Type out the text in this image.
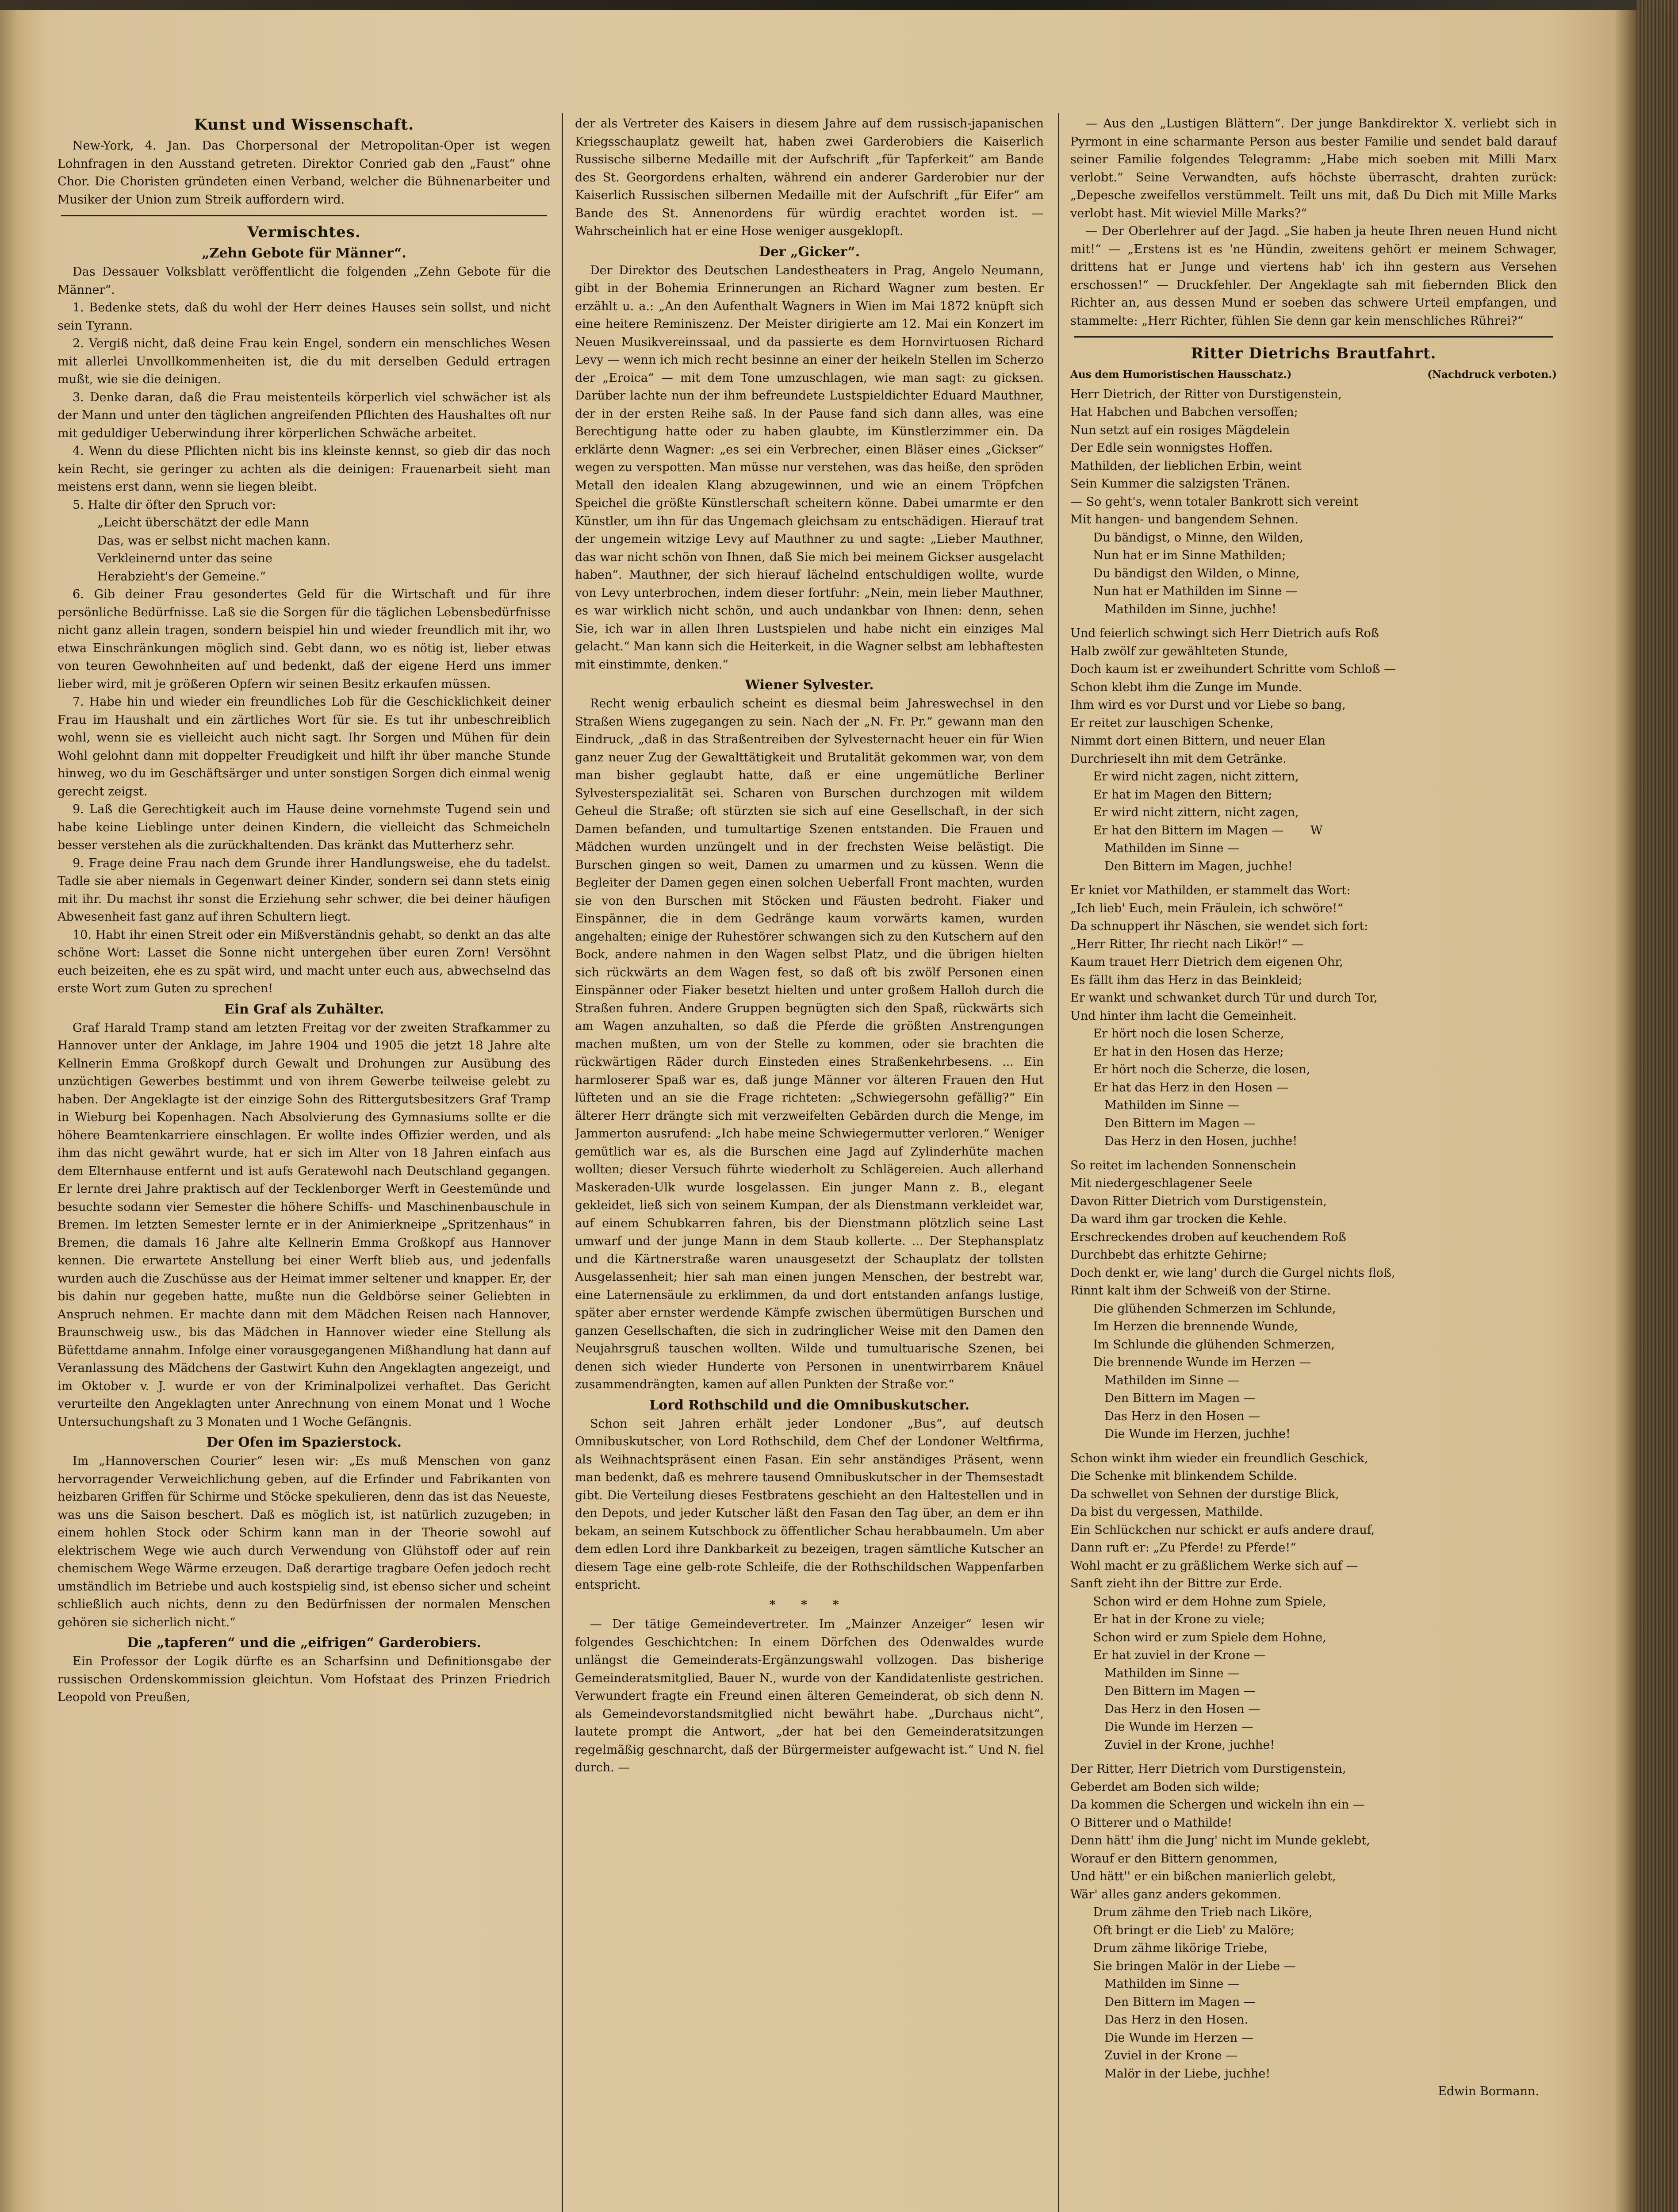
Kunst und Wissenschaft.

New-York, 4. Jan. Das Chorpersonal der Metropolitan-Oper ist wegen Lohnfragen in den Ausstand getreten. Direktor Conried gab den „Faust“ ohne Chor. Die Choristen gründeten einen Verband, welcher die Bühnenarbeiter und Musiker der Union zum Streik auffordern wird.

Vermischtes.
„Zehn Gebote für Männer“.

Das Dessauer Volksblatt veröffentlicht die folgenden „Zehn Gebote für die Männer“.

1. Bedenke stets, daß du wohl der Herr deines Hauses sein sollst, und nicht sein Tyrann.

2. Vergiß nicht, daß deine Frau kein Engel, sondern ein menschliches Wesen mit allerlei Unvollkommenheiten ist, die du mit derselben Geduld ertragen mußt, wie sie die deinigen.

3. Denke daran, daß die Frau meistenteils körperlich viel schwächer ist als der Mann und unter den täglichen angreifenden Pflichten des Haushaltes oft nur mit geduldiger Ueberwindung ihrer körperlichen Schwäche arbeitet.

4. Wenn du diese Pflichten nicht bis ins kleinste kennst, so gieb dir das noch kein Recht, sie geringer zu achten als die deinigen: Frauenarbeit sieht man meistens erst dann, wenn sie liegen bleibt.

5. Halte dir öfter den Spruch vor:

„Leicht überschätzt der edle Mann
Das, was er selbst nicht machen kann.
Verkleinernd unter das seine
Herabzieht's der Gemeine.“

6. Gib deiner Frau gesondertes Geld für die Wirtschaft und für ihre persönliche Bedürfnisse. Laß sie die Sorgen für die täglichen Lebensbedürfnisse nicht ganz allein tragen, sondern beispiel hin und wieder freundlich mit ihr, wo etwa Einschränkungen möglich sind. Gebt dann, wo es nötig ist, lieber etwas von teuren Gewohnheiten auf und bedenkt, daß der eigene Herd uns immer lieber wird, mit je größeren Opfern wir seinen Besitz erkaufen müssen.

7. Habe hin und wieder ein freundliches Lob für die Geschicklichkeit deiner Frau im Haushalt und ein zärtliches Wort für sie. Es tut ihr unbeschreiblich wohl, wenn sie es vielleicht auch nicht sagt. Ihr Sorgen und Mühen für dein Wohl gelohnt dann mit doppelter Freudigkeit und hilft ihr über manche Stunde hinweg, wo du im Geschäftsärger und unter sonstigen Sorgen dich einmal wenig gerecht zeigst.

9. Laß die Gerechtigkeit auch im Hause deine vornehmste Tugend sein und habe keine Lieblinge unter deinen Kindern, die vielleicht das Schmeicheln besser verstehen als die zurückhaltenden. Das kränkt das Mutterherz sehr.

9. Frage deine Frau nach dem Grunde ihrer Handlungsweise, ehe du tadelst. Tadle sie aber niemals in Gegenwart deiner Kinder, sondern sei dann stets einig mit ihr. Du machst ihr sonst die Erziehung sehr schwer, die bei deiner häufigen Abwesenheit fast ganz auf ihren Schultern liegt.

10. Habt ihr einen Streit oder ein Mißverständnis gehabt, so denkt an das alte schöne Wort: Lasset die Sonne nicht untergehen über euren Zorn! Versöhnt euch beizeiten, ehe es zu spät wird, und macht unter euch aus, abwechselnd das erste Wort zum Guten zu sprechen!

Ein Graf als Zuhälter.

Graf Harald Tramp stand am letzten Freitag vor der zweiten Strafkammer zu Hannover unter der Anklage, im Jahre 1904 und 1905 die jetzt 18 Jahre alte Kellnerin Emma Großkopf durch Gewalt und Drohungen zur Ausübung des unzüchtigen Gewerbes bestimmt und von ihrem Gewerbe teilweise gelebt zu haben. Der Angeklagte ist der einzige Sohn des Rittergutsbesitzers Graf Tramp in Wieburg bei Kopenhagen. Nach Absolvierung des Gymnasiums sollte er die höhere Beamtenkarriere einschlagen. Er wollte indes Offizier werden, und als ihm das nicht gewährt wurde, hat er sich im Alter von 18 Jahren einfach aus dem Elternhause entfernt und ist aufs Geratewohl nach Deutschland gegangen. Er lernte drei Jahre praktisch auf der Tecklenborger Werft in Geestemünde und besuchte sodann vier Semester die höhere Schiffs- und Maschinenbauschule in Bremen. Im letzten Semester lernte er in der Animierkneipe „Spritzenhaus“ in Bremen, die damals 16 Jahre alte Kellnerin Emma Großkopf aus Hannover kennen. Die erwartete Anstellung bei einer Werft blieb aus, und jedenfalls wurden auch die Zuschüsse aus der Heimat immer seltener und knapper. Er, der bis dahin nur gegeben hatte, mußte nun die Geldbörse seiner Geliebten in Anspruch nehmen. Er machte dann mit dem Mädchen Reisen nach Hannover, Braunschweig usw., bis das Mädchen in Hannover wieder eine Stellung als Büfettdame annahm. Infolge einer vorausgegangenen Mißhandlung hat dann auf Veranlassung des Mädchens der Gastwirt Kuhn den Angeklagten angezeigt, und im Oktober v. J. wurde er von der Kriminalpolizei verhaftet. Das Gericht verurteilte den Angeklagten unter Anrechnung von einem Monat und 1 Woche Untersuchungshaft zu 3 Monaten und 1 Woche Gefängnis.

Der Ofen im Spazierstock.

Im „Hannoverschen Courier“ lesen wir: „Es muß Menschen von ganz hervorragender Verweichlichung geben, auf die Erfinder und Fabrikanten von heizbaren Griffen für Schirme und Stöcke spekulieren, denn das ist das Neueste, was uns die Saison beschert. Daß es möglich ist, ist natürlich zuzugeben; in einem hohlen Stock oder Schirm kann man in der Theorie sowohl auf elektrischem Wege wie auch durch Verwendung von Glühstoff oder auf rein chemischem Wege Wärme erzeugen. Daß derartige tragbare Oefen jedoch recht umständlich im Betriebe und auch kostspielig sind, ist ebenso sicher und scheint schließlich auch nichts, denn zu den Bedürfnissen der normalen Menschen gehören sie sicherlich nicht.“

Die „tapferen“ und die „eifrigen“ Garderobiers.

Ein Professor der Logik dürfte es an Scharfsinn und Definitionsgabe der russischen Ordenskommission gleichtun. Vom Hofstaat des Prinzen Friedrich Leopold von Preußen,

der als Vertreter des Kaisers in diesem Jahre auf dem russisch-japanischen Kriegsschauplatz geweilt hat, haben zwei Garderobiers die Kaiserlich Russische silberne Medaille mit der Aufschrift „für Tapferkeit“ am Bande des St. Georgordens erhalten, während ein anderer Garderobier nur der Kaiserlich Russischen silbernen Medaille mit der Aufschrift „für Eifer“ am Bande des St. Annenordens für würdig erachtet worden ist. — Wahrscheinlich hat er eine Hose weniger ausgeklopft.

Der „Gicker“.

Der Direktor des Deutschen Landestheaters in Prag, Angelo Neumann, gibt in der Bohemia Erinnerungen an Richard Wagner zum besten. Er erzählt u. a.: „An den Aufenthalt Wagners in Wien im Mai 1872 knüpft sich eine heitere Reminiszenz. Der Meister dirigierte am 12. Mai ein Konzert im Neuen Musikvereinssaal, und da passierte es dem Hornvirtuosen Richard Levy — wenn ich mich recht besinne an einer der heikeln Stellen im Scherzo der „Eroica“ — mit dem Tone umzuschlagen, wie man sagt: zu gicksen. Darüber lachte nun der ihm befreundete Lustspieldichter Eduard Mauthner, der in der ersten Reihe saß. In der Pause fand sich dann alles, was eine Berechtigung hatte oder zu haben glaubte, im Künstlerzimmer ein. Da erklärte denn Wagner: „es sei ein Verbrecher, einen Bläser eines „Gickser“ wegen zu verspotten. Man müsse nur verstehen, was das heiße, den spröden Metall den idealen Klang abzugewinnen, und wie an einem Tröpfchen Speichel die größte Künstlerschaft scheitern könne. Dabei umarmte er den Künstler, um ihn für das Ungemach gleichsam zu entschädigen. Hierauf trat der ungemein witzige Levy auf Mauthner zu und sagte: „Lieber Mauthner, das war nicht schön von Ihnen, daß Sie mich bei meinem Gickser ausgelacht haben“. Mauthner, der sich hierauf lächelnd entschuldigen wollte, wurde von Levy unterbrochen, indem dieser fortfuhr: „Nein, mein lieber Mauthner, es war wirklich nicht schön, und auch undankbar von Ihnen: denn, sehen Sie, ich war in allen Ihren Lustspielen und habe nicht ein einziges Mal gelacht.“ Man kann sich die Heiterkeit, in die Wagner selbst am lebhaftesten mit einstimmte, denken.“

Wiener Sylvester.

Recht wenig erbaulich scheint es diesmal beim Jahreswechsel in den Straßen Wiens zugegangen zu sein. Nach der „N. Fr. Pr.“ gewann man den Eindruck, „daß in das Straßentreiben der Sylvesternacht heuer ein für Wien ganz neuer Zug der Gewalttätigkeit und Brutalität gekommen war, von dem man bisher geglaubt hatte, daß er eine ungemütliche Berliner Sylvesterspezialität sei. Scharen von Burschen durchzogen mit wildem Geheul die Straße; oft stürzten sie sich auf eine Gesellschaft, in der sich Damen befanden, und tumultartige Szenen entstanden. Die Frauen und Mädchen wurden unzüngelt und in der frechsten Weise belästigt. Die Burschen gingen so weit, Damen zu umarmen und zu küssen. Wenn die Begleiter der Damen gegen einen solchen Ueberfall Front machten, wurden sie von den Burschen mit Stöcken und Fäusten bedroht. Fiaker und Einspänner, die in dem Gedränge kaum vorwärts kamen, wurden angehalten; einige der Ruhestörer schwangen sich zu den Kutschern auf den Bock, andere nahmen in den Wagen selbst Platz, und die übrigen hielten sich rückwärts an dem Wagen fest, so daß oft bis zwölf Personen einen Einspänner oder Fiaker besetzt hielten und unter großem Halloh durch die Straßen fuhren. Andere Gruppen begnügten sich den Spaß, rückwärts sich am Wagen anzuhalten, so daß die Pferde die größten Anstrengungen machen mußten, um von der Stelle zu kommen, oder sie brachten die rückwärtigen Räder durch Einsteden eines Straßenkehrbesens. ... Ein harmloserer Spaß war es, daß junge Männer vor älteren Frauen den Hut lüfteten und an sie die Frage richteten: „Schwiegersohn gefällig?“ Ein älterer Herr drängte sich mit verzweifelten Gebärden durch die Menge, im Jammerton ausrufend: „Ich habe meine Schwiegermutter verloren.“ Weniger gemütlich war es, als die Burschen eine Jagd auf Zylinderhüte machen wollten; dieser Versuch führte wiederholt zu Schlägereien. Auch allerhand Maskeraden-Ulk wurde losgelassen. Ein junger Mann z. B., elegant gekleidet, ließ sich von seinem Kumpan, der als Dienstmann verkleidet war, auf einem Schubkarren fahren, bis der Dienstmann plötzlich seine Last umwarf und der junge Mann in dem Staub kollerte. ... Der Stephansplatz und die Kärtnerstraße waren unausgesetzt der Schauplatz der tollsten Ausgelassenheit; hier sah man einen jungen Menschen, der bestrebt war, eine Laternensäule zu erklimmen, da und dort entstanden anfangs lustige, später aber ernster werdende Kämpfe zwischen übermütigen Burschen und ganzen Gesellschaften, die sich in zudringlicher Weise mit den Damen den Neujahrsgruß tauschen wollten. Wilde und tumultuarische Szenen, bei denen sich wieder Hunderte von Personen in unentwirrbarem Knäuel zusammendrängten, kamen auf allen Punkten der Straße vor.“

Lord Rothschild und die Omnibuskutscher.

Schon seit Jahren erhält jeder Londoner „Bus“, auf deutsch Omnibuskutscher, von Lord Rothschild, dem Chef der Londoner Weltfirma, als Weihnachtspräsent einen Fasan. Ein sehr anständiges Präsent, wenn man bedenkt, daß es mehrere tausend Omnibuskutscher in der Themsestadt gibt. Die Verteilung dieses Festbratens geschieht an den Haltestellen und in den Depots, und jeder Kutscher läßt den Fasan den Tag über, an dem er ihn bekam, an seinem Kutschbock zu öffentlicher Schau herabbaumeln. Um aber dem edlen Lord ihre Dankbarkeit zu bezeigen, tragen sämtliche Kutscher an diesem Tage eine gelb-rote Schleife, die der Rothschildschen Wappenfarben entspricht.

* * *

— Der tätige Gemeindevertreter. Im „Mainzer Anzeiger“ lesen wir folgendes Geschichtchen: In einem Dörfchen des Odenwaldes wurde unlängst die Gemeinderats-Ergänzungswahl vollzogen. Das bisherige Gemeinderatsmitglied, Bauer N., wurde von der Kandidatenliste gestrichen. Verwundert fragte ein Freund einen älteren Gemeinderat, ob sich denn N. als Gemeindevorstandsmitglied nicht bewährt habe. „Durchaus nicht“, lautete prompt die Antwort, „der hat bei den Gemeinderatsitzungen regelmäßig geschnarcht, daß der Bürgermeister aufgewacht ist.“ Und N. fiel durch. —

— Aus den „Lustigen Blättern“. Der junge Bankdirektor X. verliebt sich in Pyrmont in eine scharmante Person aus bester Familie und sendet bald darauf seiner Familie folgendes Telegramm: „Habe mich soeben mit Milli Marx verlobt.“ Seine Verwandten, aufs höchste überrascht, drahten zurück: „Depesche zweifellos verstümmelt. Teilt uns mit, daß Du Dich mit Mille Marks verlobt hast. Mit wieviel Mille Marks?“

— Der Oberlehrer auf der Jagd. „Sie haben ja heute Ihren neuen Hund nicht mit!“ — „Erstens ist es 'ne Hündin, zweitens gehört er meinem Schwager, drittens hat er Junge und viertens hab' ich ihn gestern aus Versehen erschossen!“ — Druckfehler. Der Angeklagte sah mit fiebernden Blick den Richter an, aus dessen Mund er soeben das schwere Urteil empfangen, und stammelte: „Herr Richter, fühlen Sie denn gar kein menschliches Rührei?“

Ritter Dietrichs Brautfahrt.
Aus dem Humoristischen Hausschatz.)	(Nachdruck verboten.)
Herr Dietrich, der Ritter von Durstigenstein,
Hat Habchen und Babchen versoffen;
Nun setzt auf ein rosiges Mägdelein
Der Edle sein wonnigstes Hoffen.
Mathilden, der lieblichen Erbin, weint
Sein Kummer die salzigsten Tränen.
— So geht's, wenn totaler Bankrott sich vereint
Mit hangen- und bangendem Sehnen.
Du bändigst, o Minne, den Wilden,
Nun hat er im Sinne Mathilden;
Du bändigst den Wilden, o Minne,
Nun hat er Mathilden im Sinne —
Mathilden im Sinne, juchhe!
Und feierlich schwingt sich Herr Dietrich aufs Roß
Halb zwölf zur gewählteten Stunde,
Doch kaum ist er zweihundert Schritte vom Schloß —
Schon klebt ihm die Zunge im Munde.
Ihm wird es vor Durst und vor Liebe so bang,
Er reitet zur lauschigen Schenke,
Nimmt dort einen Bittern, und neuer Elan
Durchrieselt ihn mit dem Getränke.
Er wird nicht zagen, nicht zittern,
Er hat im Magen den Bittern;
Er wird nicht zittern, nicht zagen,
Er hat den Bittern im Magen —       W
Mathilden im Sinne —
Den Bittern im Magen, juchhe!
Er kniet vor Mathilden, er stammelt das Wort:
„Ich lieb' Euch, mein Fräulein, ich schwöre!“
Da schnuppert ihr Näschen, sie wendet sich fort:
„Herr Ritter, Ihr riecht nach Likör!“ —
Kaum trauet Herr Dietrich dem eigenen Ohr,
Es fällt ihm das Herz in das Beinkleid;
Er wankt und schwanket durch Tür und durch Tor,
Und hinter ihm lacht die Gemeinheit.
Er hört noch die losen Scherze,
Er hat in den Hosen das Herze;
Er hört noch die Scherze, die losen,
Er hat das Herz in den Hosen —
Mathilden im Sinne —
Den Bittern im Magen —
Das Herz in den Hosen, juchhe!
So reitet im lachenden Sonnenschein
Mit niedergeschlagener Seele
Davon Ritter Dietrich vom Durstigenstein,
Da ward ihm gar trocken die Kehle.
Erschreckendes droben auf keuchendem Roß
Durchbebt das erhitzte Gehirne;
Doch denkt er, wie lang' durch die Gurgel nichts floß,
Rinnt kalt ihm der Schweiß von der Stirne.
Die glühenden Schmerzen im Schlunde,
Im Herzen die brennende Wunde,
Im Schlunde die glühenden Schmerzen,
Die brennende Wunde im Herzen —
Mathilden im Sinne —
Den Bittern im Magen —
Das Herz in den Hosen —
Die Wunde im Herzen, juchhe!
Schon winkt ihm wieder ein freundlich Geschick,
Die Schenke mit blinkendem Schilde.
Da schwellet von Sehnen der durstige Blick,
Da bist du vergessen, Mathilde.
Ein Schlückchen nur schickt er aufs andere drauf,
Dann ruft er: „Zu Pferde! zu Pferde!“
Wohl macht er zu gräßlichem Werke sich auf —
Sanft zieht ihn der Bittre zur Erde.
Schon wird er dem Hohne zum Spiele,
Er hat in der Krone zu viele;
Schon wird er zum Spiele dem Hohne,
Er hat zuviel in der Krone —
Mathilden im Sinne —
Den Bittern im Magen —
Das Herz in den Hosen —
Die Wunde im Herzen —
Zuviel in der Krone, juchhe!
Der Ritter, Herr Dietrich vom Durstigenstein,
Geberdet am Boden sich wilde;
Da kommen die Schergen und wickeln ihn ein —
O Bitterer und o Mathilde!
Denn hätt' ihm die Jung' nicht im Munde geklebt,
Worauf er den Bittern genommen,
Und hätt'' er ein bißchen manierlich gelebt,
Wär' alles ganz anders gekommen.
Drum zähme den Trieb nach Liköre,
Oft bringt er die Lieb' zu Malöre;
Drum zähme likörige Triebe,
Sie bringen Malör in der Liebe —
Mathilden im Sinne —
Den Bittern im Magen —
Das Herz in den Hosen.
Die Wunde im Herzen —
Zuviel in der Krone —
Malör in der Liebe, juchhe!
Edwin Bormann.
